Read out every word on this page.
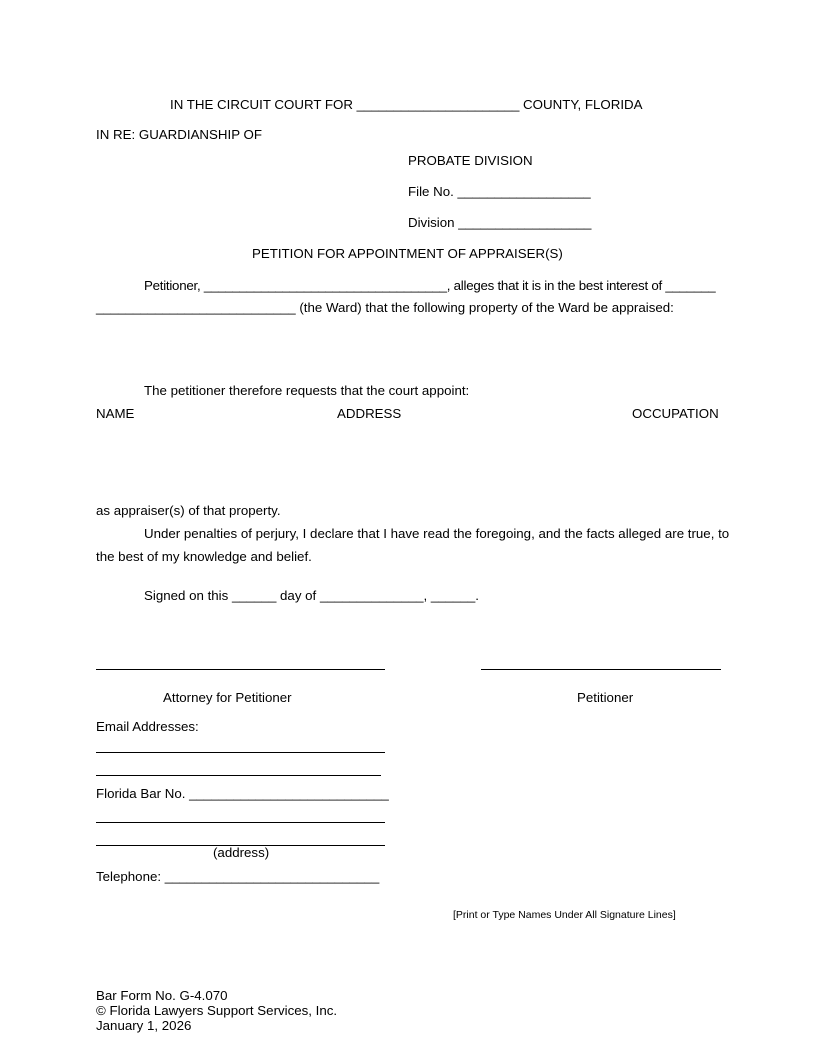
IN THE CIRCUIT COURT FOR ______________________ COUNTY, FLORIDA
IN RE: GUARDIANSHIP OF
PROBATE DIVISION
File No. __________________
Division __________________
PETITION FOR APPOINTMENT OF APPRAISER(S)
Petitioner, __________________________________, alleges that it is in the best interest of _______
___________________________ (the Ward) that the following property of the Ward be appraised:
The petitioner therefore requests that the court appoint:
NAME	ADDRESS	OCCUPATION
as appraiser(s) of that property.
Under penalties of perjury, I declare that I have read the foregoing, and the facts alleged are true, to
the best of my knowledge and belief.
Signed on this ______ day of ______________, ______.
Attorney for Petitioner	Petitioner
Email Addresses:
Florida Bar No. ___________________________
(address)
Telephone: _____________________________
[Print or Type Names Under All Signature Lines]
Bar Form No. G-4.070
© Florida Lawyers Support Services, Inc.
January 1, 2026
